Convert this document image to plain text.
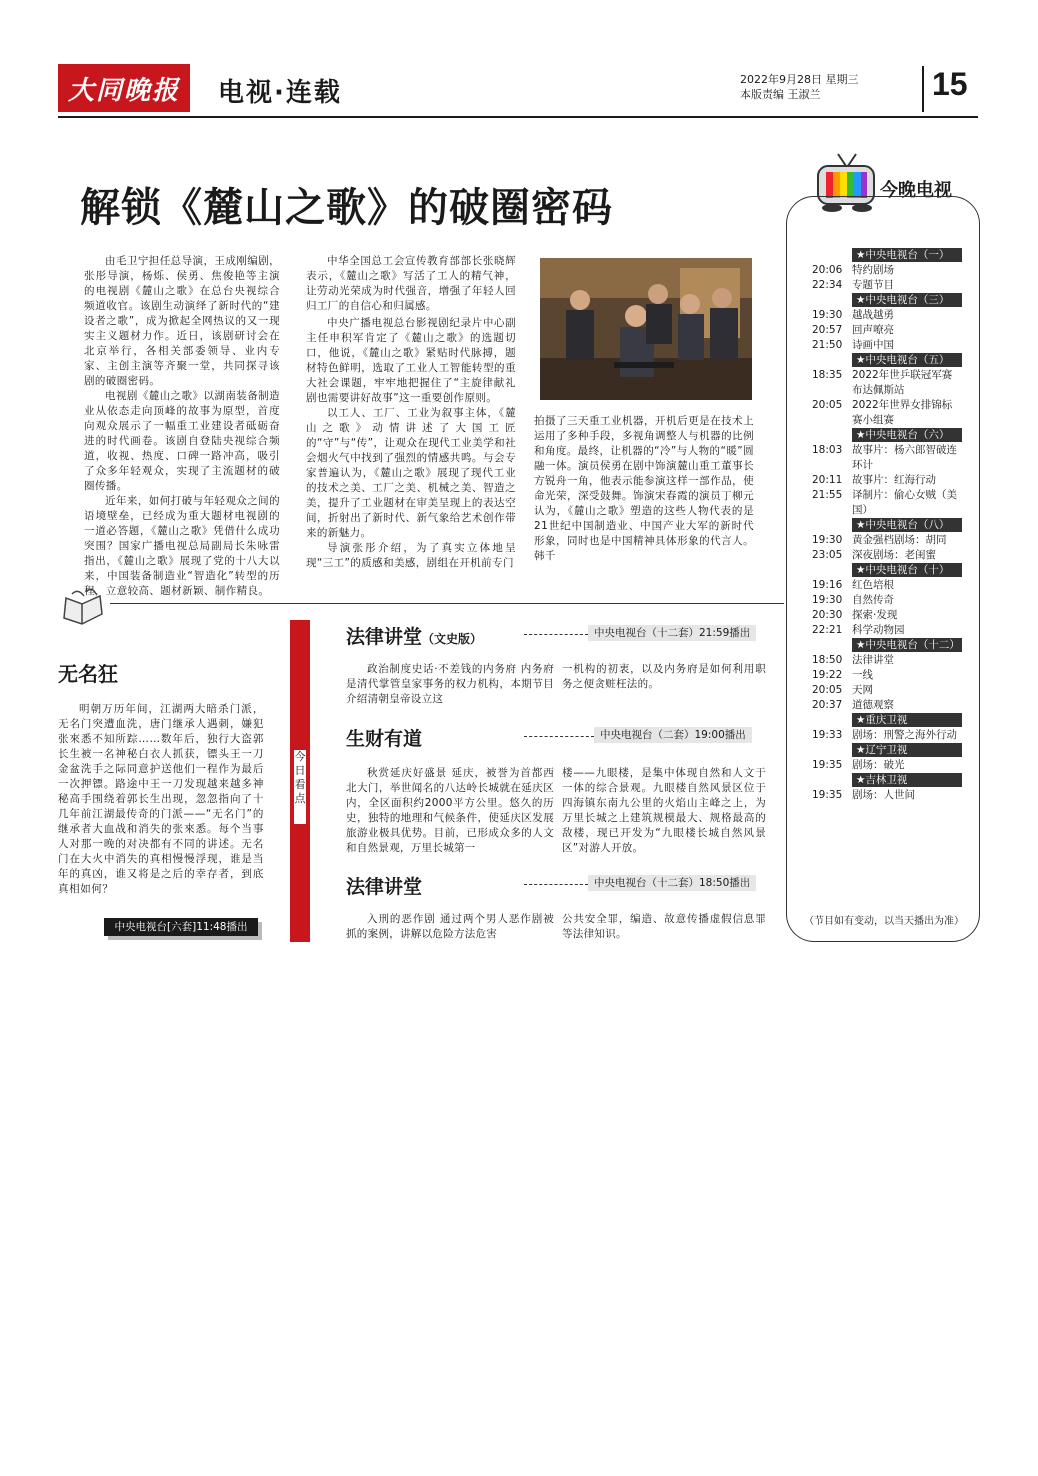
大同晚报	电视·连载	2022年9月28日 星期三
本版责编 王淑兰	15
解锁《麓山之歌》的破圈密码

由毛卫宁担任总导演，王成刚编剧，张彤导演，杨烁、侯勇、焦俊艳等主演的电视剧《麓山之歌》在总台央视综合频道收官。该剧生动演绎了新时代的“建设者之歌”，成为掀起全网热议的又一现实主义题材力作。近日，该剧研讨会在北京举行，各相关部委领导、业内专家、主创主演等齐聚一堂，共同探寻该剧的破圈密码。

电视剧《麓山之歌》以湖南装备制造业从依态走向顶峰的故事为原型，首度向观众展示了一幅重工业建设者砥砺奋进的时代画卷。该剧自登陆央视综合频道，收视、热度、口碑一路冲高，吸引了众多年轻观众，实现了主流题材的破圈传播。

近年来，如何打破与年轻观众之间的语境壁垒，已经成为重大题材电视剧的一道必答题，《麓山之歌》凭借什么成功突围？国家广播电视总局副局长朱咏雷指出，《麓山之歌》展现了党的十八大以来，中国装备制造业“智造化”转型的历程，立意较高、题材新颖、制作精良。

中华全国总工会宣传教育部部长张晓辉表示，《麓山之歌》写活了工人的精气神，让劳动光荣成为时代强音，增强了年轻人回归工厂的自信心和归属感。

中央广播电视总台影视剧纪录片中心副主任申积军肯定了《麓山之歌》的选题切口，他说，《麓山之歌》紧贴时代脉搏，题材特色鲜明，选取了工业人工智能转型的重大社会课题，牢牢地把握住了“主旋律献礼剧也需要讲好故事”这一重要创作原则。

以工人、工厂、工业为叙事主体，《麓山之歌》动情讲述了大国工匠的“守”与“传”，让观众在现代工业美学和社会烟火气中找到了强烈的情感共鸣。与会专家普遍认为，《麓山之歌》展现了现代工业的技术之美、工厂之美、机械之美、智造之美，提升了工业题材在审美呈现上的表达空间，折射出了新时代、新气象给艺术创作带来的新魅力。

导演张彤介绍，为了真实立体地呈现“三工”的质感和美感，剧组在开机前专门

拍摄了三天重工业机器，开机后更是在技术上运用了多种手段，多视角调整人与机器的比例和角度。最终，让机器的“冷”与人物的“暖”圆融一体。演员侯勇在剧中饰演麓山重工董事长方锐舟一角，他表示能参演这样一部作品，使命光荣，深受鼓舞。饰演宋春霞的演员丁柳元认为，《麓山之歌》塑造的这些人物代表的是21世纪中国制造业、中国产业大军的新时代形象，同时也是中国精神具体形象的代言人。 韩千

今晚电视
★中央电视台（一）
20:06 特约剧场
22:34 专题节目
★中央电视台（三）
19:30 越战越勇
20:57 回声嘹亮
21:50 诗画中国
★中央电视台（五）
18:35 2022年世乒联冠军赛布达佩斯站
20:05 2022年世界女排锦标赛小组赛
★中央电视台（六）
18:03 故事片：杨六郎智破连环计
20:11 故事片：红海行动
21:55 译制片：偷心女贼（美国）
★中央电视台（八）
19:30 黄金强档剧场：胡同
23:05 深夜剧场：老闺蜜
★中央电视台（十）
19:16 红色培根
19:30 自然传奇
20:30 探索·发现
22:21 科学动物园
★中央电视台（十二）
18:50 法律讲堂
19:22 一线
20:05 天网
20:37 道德观察
★重庆卫视
19:33 剧场：刑警之海外行动
★辽宁卫视
19:35 剧场：破光
★吉林卫视
19:35 剧场：人世间
（节目如有变动，以当天播出为准）
无名狂

明朝万历年间，江湖两大暗杀门派，无名门突遭血洗，唐门继承人遇刺，嫌犯张來悉不知所踪……数年后，独行大盗郭长生被一名神秘白衣人抓获，镖头王一刀金盆洗手之际同意护送他们一程作为最后一次押镖。路途中王一刀发现越来越多神秘高手围绕着郭长生出现，忽忽指向了十几年前江湖最传奇的门派——“无名门”的继承者大血战和消失的张來悉。每个当事人对那一晚的对决都有不同的讲述。无名门在大火中消失的真相慢慢浮现，谁是当年的真凶，谁又将是之后的幸存者，到底真相如何？

中央电视台[六套]11:48播出
今日看点
法律讲堂（文史版）	中央电视台（十二套）21:59播出

政治制度史话·不差钱的内务府 内务府是清代掌管皇家事务的权力机构，本期节目介绍清朝皇帝设立这

一机构的初衷，以及内务府是如何利用职务之便贪赃枉法的。

生财有道	中央电视台（二套）19:00播出

秋赏延庆好盛景 延庆，被誉为首都西北大门，举世闻名的八达岭长城就在延庆区内，全区面积约2000平方公里。悠久的历史，独特的地理和气候条件，使延庆区发展旅游业极具优势。目前，已形成众多的人文和自然景观，万里长城第一

楼——九眼楼，是集中体现自然和人文于一体的综合景观。九眼楼自然风景区位于四海镇东南九公里的火焰山主峰之上，为万里长城之上建筑规模最大、规格最高的敌楼，现已开发为“九眼楼长城自然风景区”对游人开放。

法律讲堂	中央电视台（十二套）18:50播出

入刑的恶作剧 通过两个男人恶作剧被抓的案例，讲解以危险方法危害

公共安全罪，编造、故意传播虚假信息罪等法律知识。
